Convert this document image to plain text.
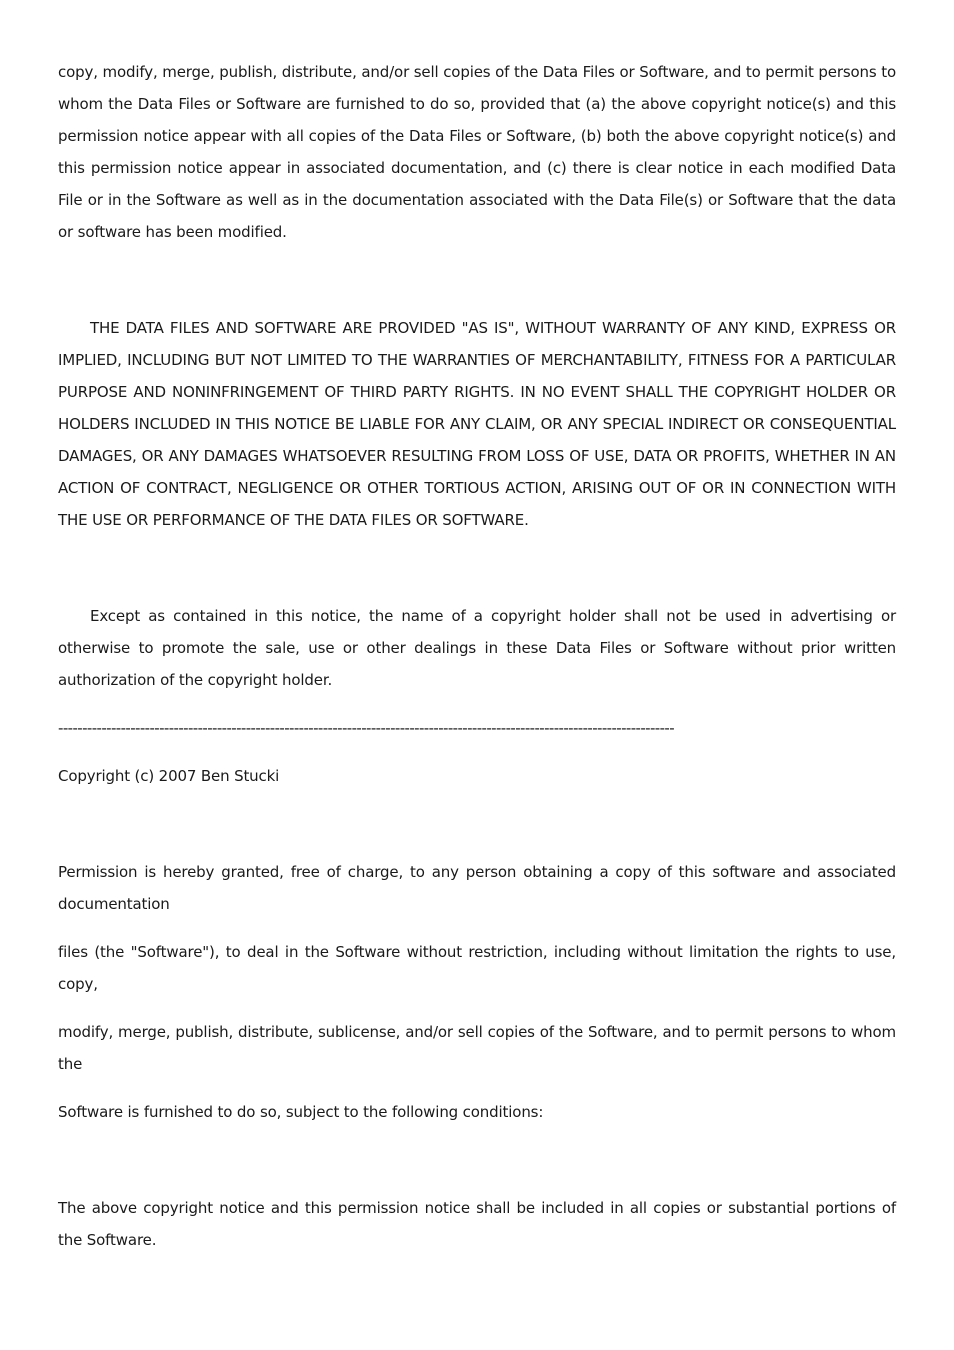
copy, modify, merge, publish, distribute, and/or sell copies of the Data Files or Software, and to permit persons to whom the Data Files or Software are furnished to do so, provided that (a) the above copyright notice(s) and this permission notice appear with all copies of the Data Files or Software, (b) both the above copyright notice(s) and this permission notice appear in associated documentation, and (c) there is clear notice in each modified Data File or in the Software as well as in the documentation associated with the Data File(s) or Software that the data or software has been modified.

THE DATA FILES AND SOFTWARE ARE PROVIDED "AS IS", WITHOUT WARRANTY OF ANY KIND, EXPRESS OR IMPLIED, INCLUDING BUT NOT LIMITED TO THE WARRANTIES OF MERCHANTABILITY, FITNESS FOR A PARTICULAR PURPOSE AND NONINFRINGEMENT OF THIRD PARTY RIGHTS. IN NO EVENT SHALL THE COPYRIGHT HOLDER OR HOLDERS INCLUDED IN THIS NOTICE BE LIABLE FOR ANY CLAIM, OR ANY SPECIAL INDIRECT OR CONSEQUENTIAL DAMAGES, OR ANY DAMAGES WHATSOEVER RESULTING FROM LOSS OF USE, DATA OR PROFITS, WHETHER IN AN ACTION OF CONTRACT, NEGLIGENCE OR OTHER TORTIOUS ACTION, ARISING OUT OF OR IN CONNECTION WITH THE USE OR PERFORMANCE OF THE DATA FILES OR SOFTWARE.

Except as contained in this notice, the name of a copyright holder shall not be used in advertising or otherwise to promote the sale, use or other dealings in these Data Files or Software without prior written authorization of the copyright holder.

--------------------------------------------------------------------------------------------------------------------------------

Copyright (c) 2007 Ben Stucki

Permission is hereby granted, free of charge, to any person obtaining a copy of this software and associated documentation

files (the "Software"), to deal in the Software without restriction, including without limitation the rights to use, copy,

modify, merge, publish, distribute, sublicense, and/or sell copies of the Software, and to permit persons to whom the

Software is furnished to do so, subject to the following conditions:

The above copyright notice and this permission notice shall be included in all copies or substantial portions of the Software.
